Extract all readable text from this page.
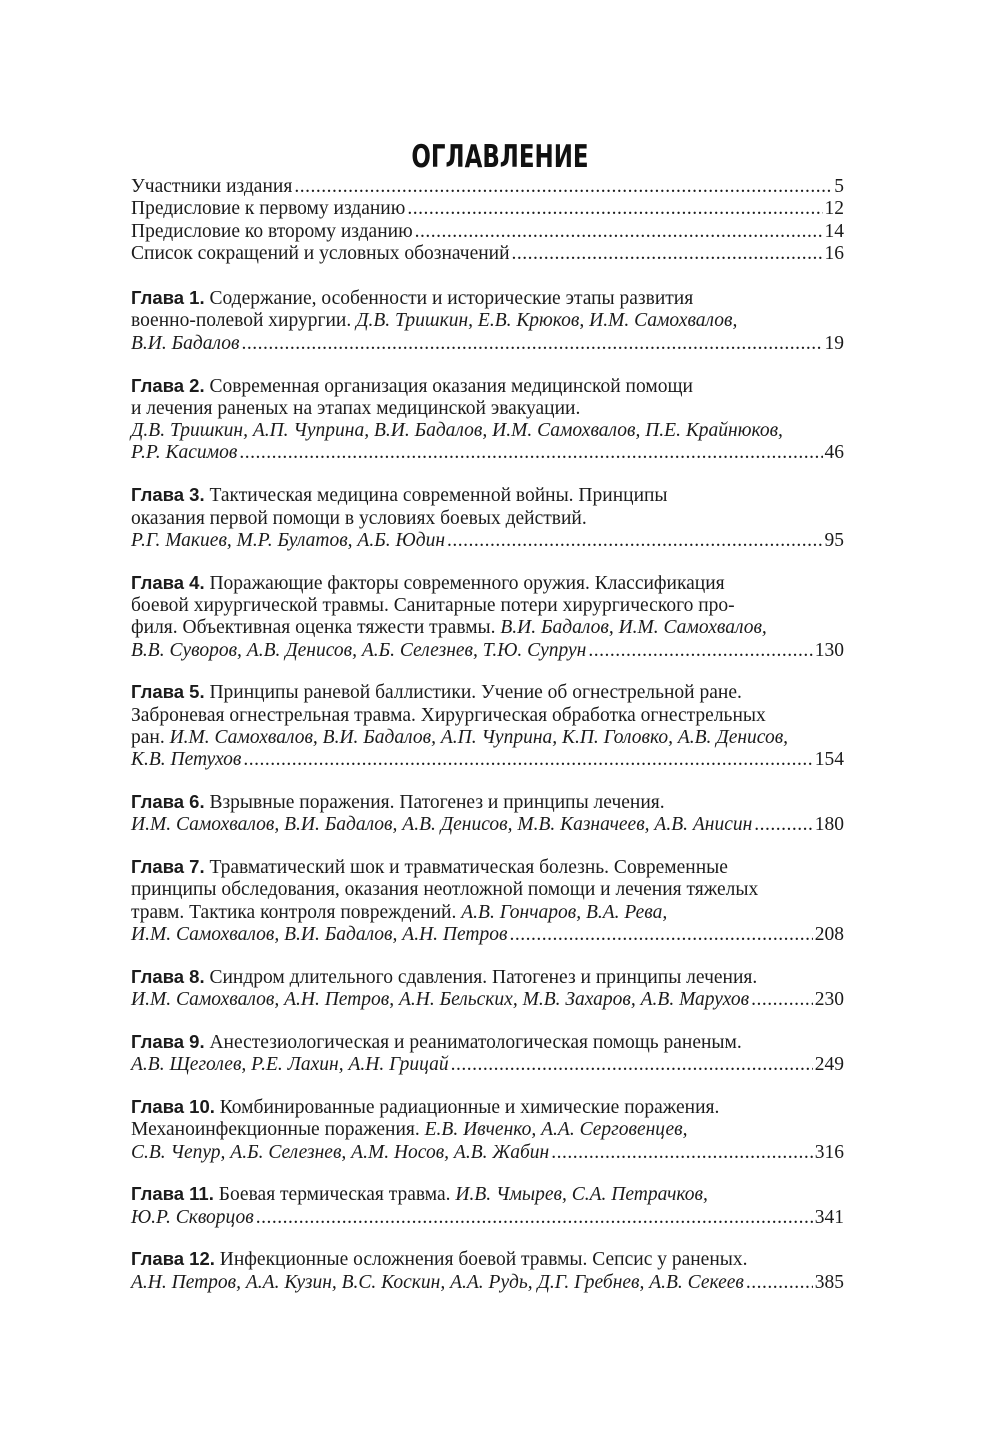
ОГЛАВЛЕНИЕ
Участники издания .....	5
Предисловие к первому изданию .....	12
Предисловие ко второму изданию .....	14
Список сокращений и условных обозначений .....	16
Глава 1. Содержание, особенности и исторические этапы развития
военно-полевой хирургии. Д.В. Тришкин, Е.В. Крюков, И.М. Самохвалов,
В.И. Бадалов .....	19
Глава 2. Современная организация оказания медицинской помощи
и лечения раненых на этапах медицинской эвакуации.
Д.В. Тришкин, А.П. Чуприна, В.И. Бадалов, И.М. Самохвалов, П.Е. Крайнюков,
Р.Р. Касимов .....	46
Глава 3. Тактическая медицина современной войны. Принципы
оказания первой помощи в условиях боевых действий.
Р.Г. Макиев, М.Р. Булатов, А.Б. Юдин .....	95
Глава 4. Поражающие факторы современного оружия. Классификация
боевой хирургической травмы. Санитарные потери хирургического про-
филя. Объективная оценка тяжести травмы. В.И. Бадалов, И.М. Самохвалов,
В.В. Суворов, А.В. Денисов, А.Б. Селезнев, Т.Ю. Супрун .....	130
Глава 5. Принципы раневой баллистики. Учение об огнестрельной ране.
Заброневая огнестрельная травма. Хирургическая обработка огнестрельных
ран. И.М. Самохвалов, В.И. Бадалов, А.П. Чуприна, К.П. Головко, А.В. Денисов,
К.В. Петухов .....	154
Глава 6. Взрывные поражения. Патогенез и принципы лечения.
И.М. Самохвалов, В.И. Бадалов, А.В. Денисов, М.В. Казначеев, А.В. Анисин .....	180
Глава 7. Травматический шок и травматическая болезнь. Современные
принципы обследования, оказания неотложной помощи и лечения тяжелых
травм. Тактика контроля повреждений. А.В. Гончаров, В.А. Рева,
И.М. Самохвалов, В.И. Бадалов, А.Н. Петров .....	208
Глава 8. Синдром длительного сдавления. Патогенез и принципы лечения.
И.М. Самохвалов, А.Н. Петров, А.Н. Бельских, М.В. Захаров, А.В. Марухов .....	230
Глава 9. Анестезиологическая и реаниматологическая помощь раненым.
А.В. Щеголев, Р.Е. Лахин, А.Н. Грицай .....	249
Глава 10. Комбинированные радиационные и химические поражения.
Механоинфекционные поражения. Е.В. Ивченко, А.А. Серговенцев,
С.В. Чепур, А.Б. Селезнев, А.М. Носов, А.В. Жабин .....	316
Глава 11. Боевая термическая травма. И.В. Чмырев, С.А. Петрачков,
Ю.Р. Скворцов .....	341
Глава 12. Инфекционные осложнения боевой травмы. Сепсис у раненых.
А.Н. Петров, А.А. Кузин, В.С. Коскин, А.А. Рудь, Д.Г. Гребнев, А.В. Секеев .....	385
